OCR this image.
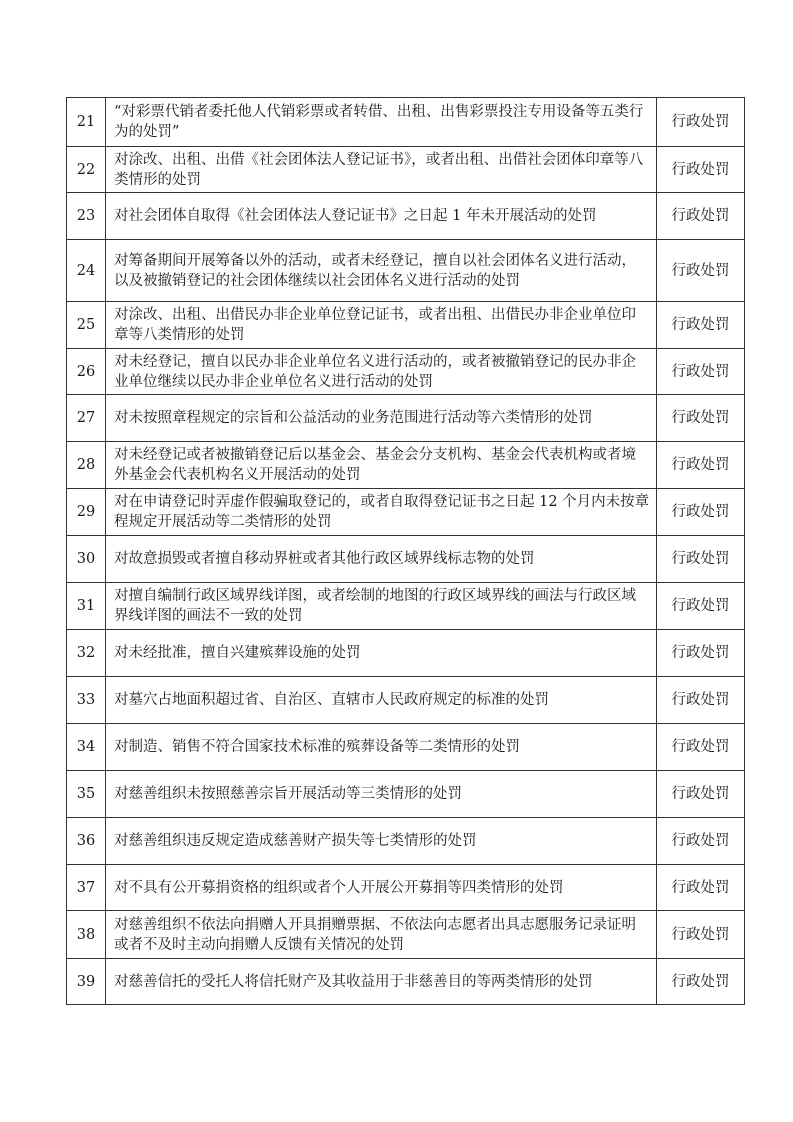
21	“对彩票代销者委托他人代销彩票或者转借、出租、出售彩票投注专用设备等五类行为的处罚”	行政处罚
22	对涂改、出租、出借《社会团体法人登记证书》，或者出租、出借社会团体印章等八类情形的处罚	行政处罚
23	对社会团体自取得《社会团体法人登记证书》之日起 1 年未开展活动的处罚	行政处罚
24	对筹备期间开展筹备以外的活动，或者未经登记，擅自以社会团体名义进行活动，以及被撤销登记的社会团体继续以社会团体名义进行活动的处罚	行政处罚
25	对涂改、出租、出借民办非企业单位登记证书，或者出租、出借民办非企业单位印章等八类情形的处罚	行政处罚
26	对未经登记，擅自以民办非企业单位名义进行活动的，或者被撤销登记的民办非企业单位继续以民办非企业单位名义进行活动的处罚	行政处罚
27	对未按照章程规定的宗旨和公益活动的业务范围进行活动等六类情形的处罚	行政处罚
28	对未经登记或者被撤销登记后以基金会、基金会分支机构、基金会代表机构或者境外基金会代表机构名义开展活动的处罚	行政处罚
29	对在申请登记时弄虚作假骗取登记的，或者自取得登记证书之日起 12 个月内未按章程规定开展活动等二类情形的处罚	行政处罚
30	对故意损毁或者擅自移动界桩或者其他行政区域界线标志物的处罚	行政处罚
31	对擅自编制行政区域界线详图，或者绘制的地图的行政区域界线的画法与行政区域界线详图的画法不一致的处罚	行政处罚
32	对未经批准，擅自兴建殡葬设施的处罚	行政处罚
33	对墓穴占地面积超过省、自治区、直辖市人民政府规定的标准的处罚	行政处罚
34	对制造、销售不符合国家技术标准的殡葬设备等二类情形的处罚	行政处罚
35	对慈善组织未按照慈善宗旨开展活动等三类情形的处罚	行政处罚
36	对慈善组织违反规定造成慈善财产损失等七类情形的处罚	行政处罚
37	对不具有公开募捐资格的组织或者个人开展公开募捐等四类情形的处罚	行政处罚
38	对慈善组织不依法向捐赠人开具捐赠票据、不依法向志愿者出具志愿服务记录证明或者不及时主动向捐赠人反馈有关情况的处罚	行政处罚
39	对慈善信托的受托人将信托财产及其收益用于非慈善目的等两类情形的处罚	行政处罚
